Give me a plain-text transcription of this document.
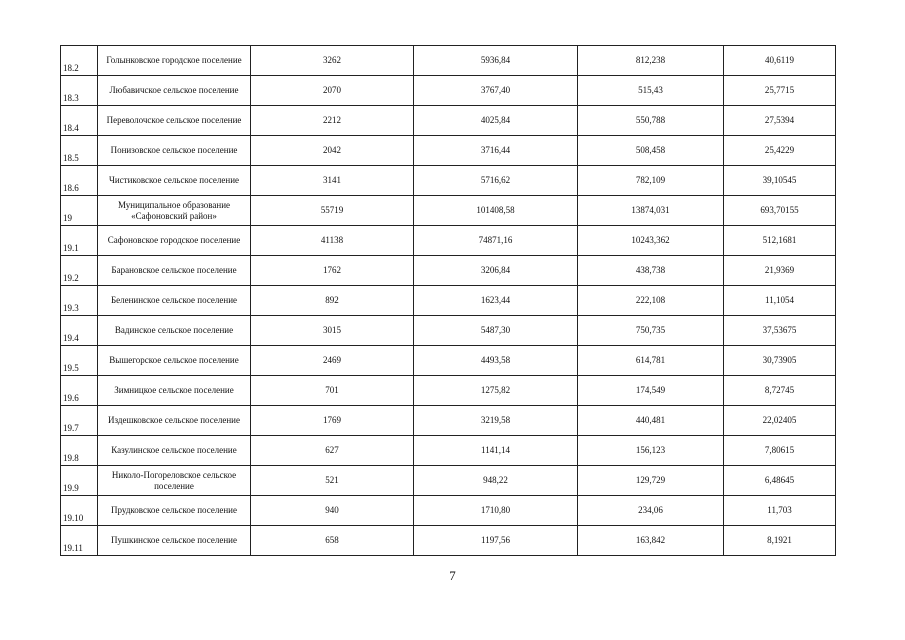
18.2	Голынковское городское поселение	3262	5936,84	812,238	40,6119
18.3	Любавичское сельское поселение	2070	3767,40	515,43	25,7715
18.4	Переволочское сельское поселение	2212	4025,84	550,788	27,5394
18.5	Понизовское сельское поселение	2042	3716,44	508,458	25,4229
18.6	Чистиковское сельское поселение	3141	5716,62	782,109	39,10545
19	Муниципальное образование «Сафоновский район»	55719	101408,58	13874,031	693,70155
19.1	Сафоновское городское поселение	41138	74871,16	10243,362	512,1681
19.2	Барановское сельское поселение	1762	3206,84	438,738	21,9369
19.3	Беленинское сельское поселение	892	1623,44	222,108	11,1054
19.4	Вадинское сельское поселение	3015	5487,30	750,735	37,53675
19.5	Вышегорское сельское поселение	2469	4493,58	614,781	30,73905
19.6	Зимницкое сельское поселение	701	1275,82	174,549	8,72745
19.7	Издешковское сельское поселение	1769	3219,58	440,481	22,02405
19.8	Казулинское сельское поселение	627	1141,14	156,123	7,80615
19.9	Николо-Погореловское сельское поселение	521	948,22	129,729	6,48645
19.10	Прудковское сельское поселение	940	1710,80	234,06	11,703
19.11	Пушкинское сельское поселение	658	1197,56	163,842	8,1921
7
